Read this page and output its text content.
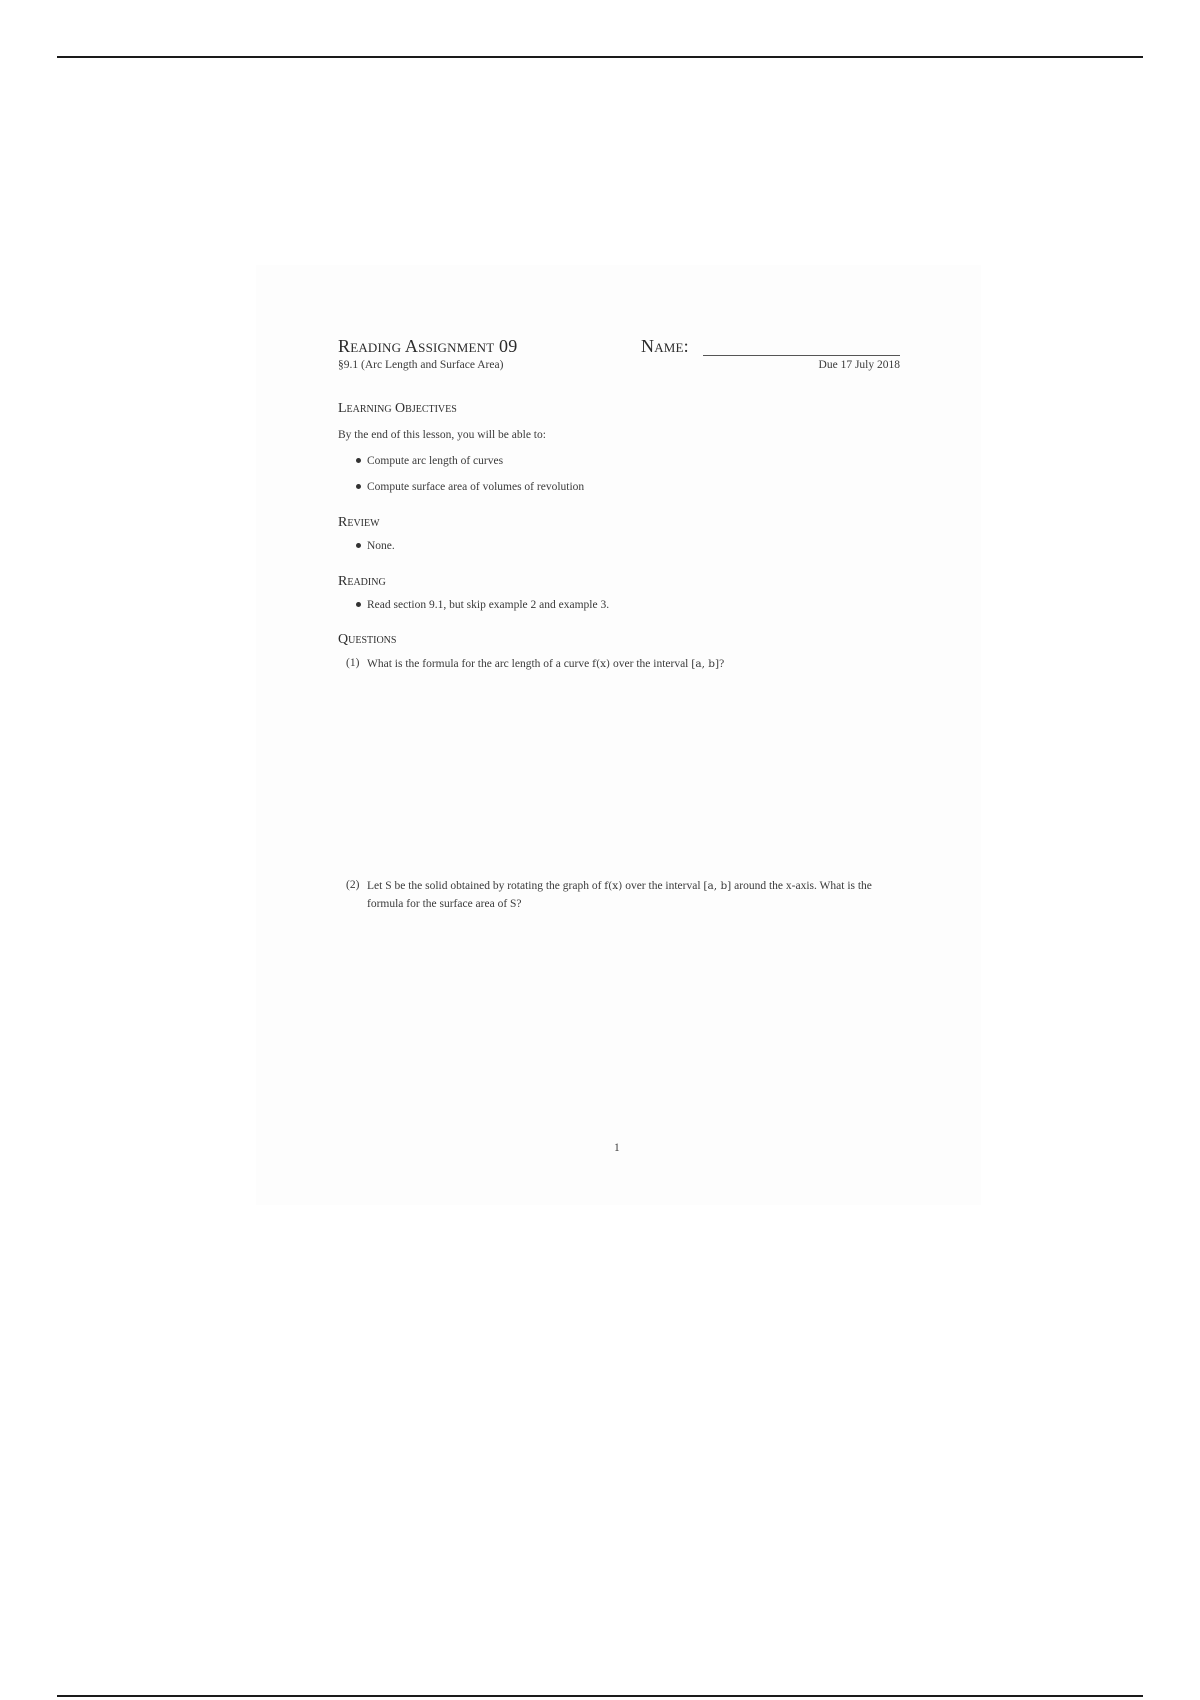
Reading Assignment 09	Name:
§9.1 (Arc Length and Surface Area)	Due 17 July 2018
Learning Objectives
By the end of this lesson, you will be able to:
Compute arc length of curves
Compute surface area of volumes of revolution
Review
None.
Reading
Read section 9.1, but skip example 2 and example 3.
Questions
(1) What is the formula for the arc length of a curve f(x) over the interval [a, b]?
(2) Let S be the solid obtained by rotating the graph of f(x) over the interval [a, b] around the x-axis. What is the formula for the surface area of S?
1
